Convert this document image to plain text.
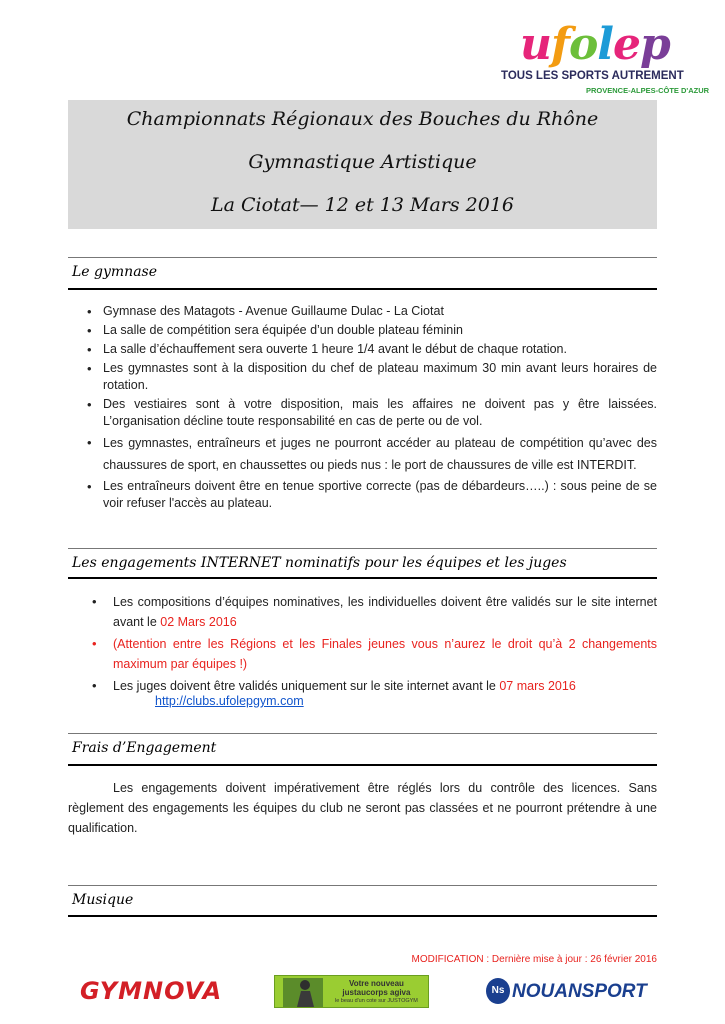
ufolep
TOUS LES SPORTS AUTREMENT
PROVENCE-ALPES-CÔTE D'AZUR
Championnats Régionaux des Bouches du Rhône
Gymnastique Artistique
La Ciotat— 12 et 13 Mars 2016
Le gymnase
• Gymnase des Matagots - Avenue Guillaume Dulac - La Ciotat
• La salle de compétition sera équipée d’un double plateau féminin
• La salle d’échauffement sera ouverte 1 heure 1/4 avant le début de chaque rotation.
• Les gymnastes sont à la disposition du chef de plateau maximum 30 min avant leurs horaires de rotation.
• Des vestiaires sont à votre disposition, mais les affaires ne doivent pas y être laissées. L’organisation décline toute responsabilité en cas de perte ou de vol.
• Les gymnastes, entraîneurs et juges ne pourront accéder au plateau de compétition qu’avec des chaussures de sport, en chaussettes ou pieds nus : le port de chaussures de ville est INTERDIT.
• Les entraîneurs doivent être en tenue sportive correcte (pas de débardeurs…..) : sous peine de se voir refuser l'accès au plateau.
Les engagements INTERNET nominatifs pour les équipes et les juges
• Les compositions d’équipes nominatives, les individuelles doivent être validés sur le site internet avant le 02 Mars 2016
• (Attention entre les Régions et les Finales jeunes vous n’aurez le droit qu’à 2 changements maximum par équipes !)
• Les juges doivent être validés uniquement sur le site internet avant le 07 mars 2016
http://clubs.ufolepgym.com
Frais d’Engagement
Les engagements doivent impérativement être réglés lors du contrôle des licences. Sans règlement des engagements les équipes du club ne seront pas classées et ne pourront prétendre à une qualification.
Musique
MODIFICATION : Dernière mise à jour : 26 février 2016
GYMNOVA	Votre nouveau
justaucorps agiva
le beau d'un cote sur JUSTOGYM
Ns NOUANSPORT
